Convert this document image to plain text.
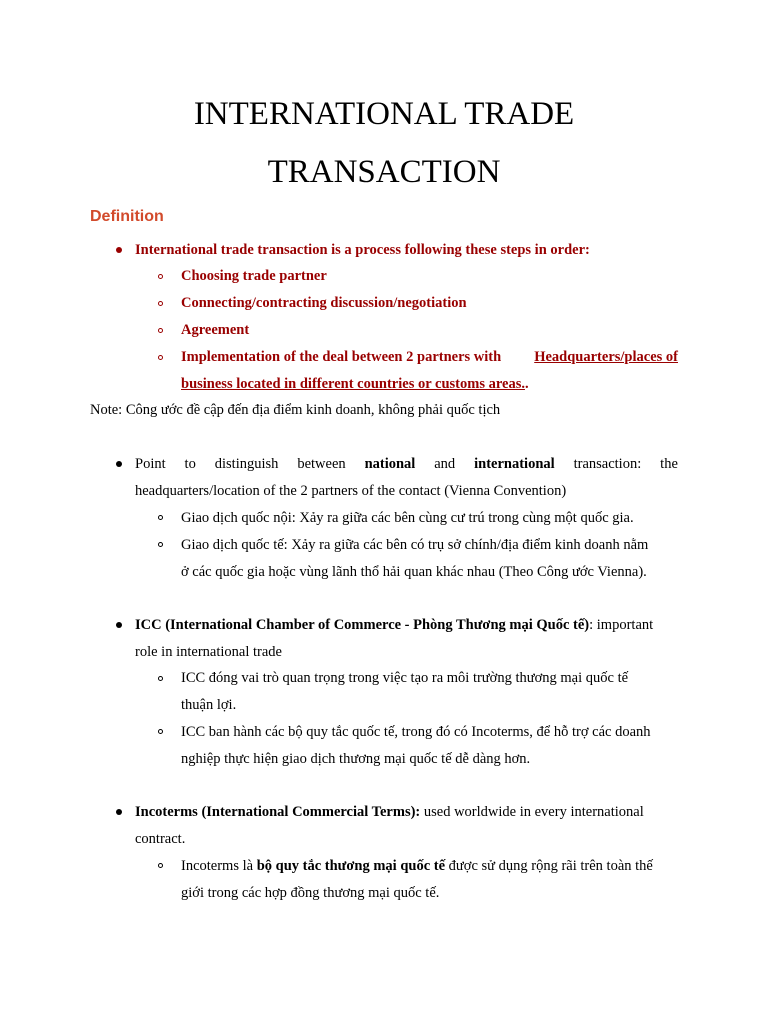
INTERNATIONAL TRADE
TRANSACTION
Definition
International trade transaction is a process following these steps in order:
Choosing trade partner
Connecting/contracting discussion/negotiation
Agreement
Implementation of the deal between 2 partners with Headquarters/places of
business located in different countries or customs areas..
Note: Công ước đề cập đến địa điểm kinh doanh, không phải quốc tịch
Point to distinguish between national and international transaction: the
headquarters/location of the 2 partners of the contact (Vienna Convention)
Giao dịch quốc nội: Xảy ra giữa các bên cùng cư trú trong cùng một quốc gia.
Giao dịch quốc tế: Xảy ra giữa các bên có trụ sở chính/địa điểm kinh doanh nằm
ở các quốc gia hoặc vùng lãnh thổ hải quan khác nhau (Theo Công ước Vienna).
ICC (International Chamber of Commerce - Phòng Thương mại Quốc tế): important
role in international trade
ICC đóng vai trò quan trọng trong việc tạo ra môi trường thương mại quốc tế
thuận lợi.
ICC ban hành các bộ quy tắc quốc tế, trong đó có Incoterms, để hỗ trợ các doanh
nghiệp thực hiện giao dịch thương mại quốc tế dễ dàng hơn.
Incoterms (International Commercial Terms): used worldwide in every international
contract.
Incoterms là bộ quy tắc thương mại quốc tế được sử dụng rộng rãi trên toàn thế
giới trong các hợp đồng thương mại quốc tế.
